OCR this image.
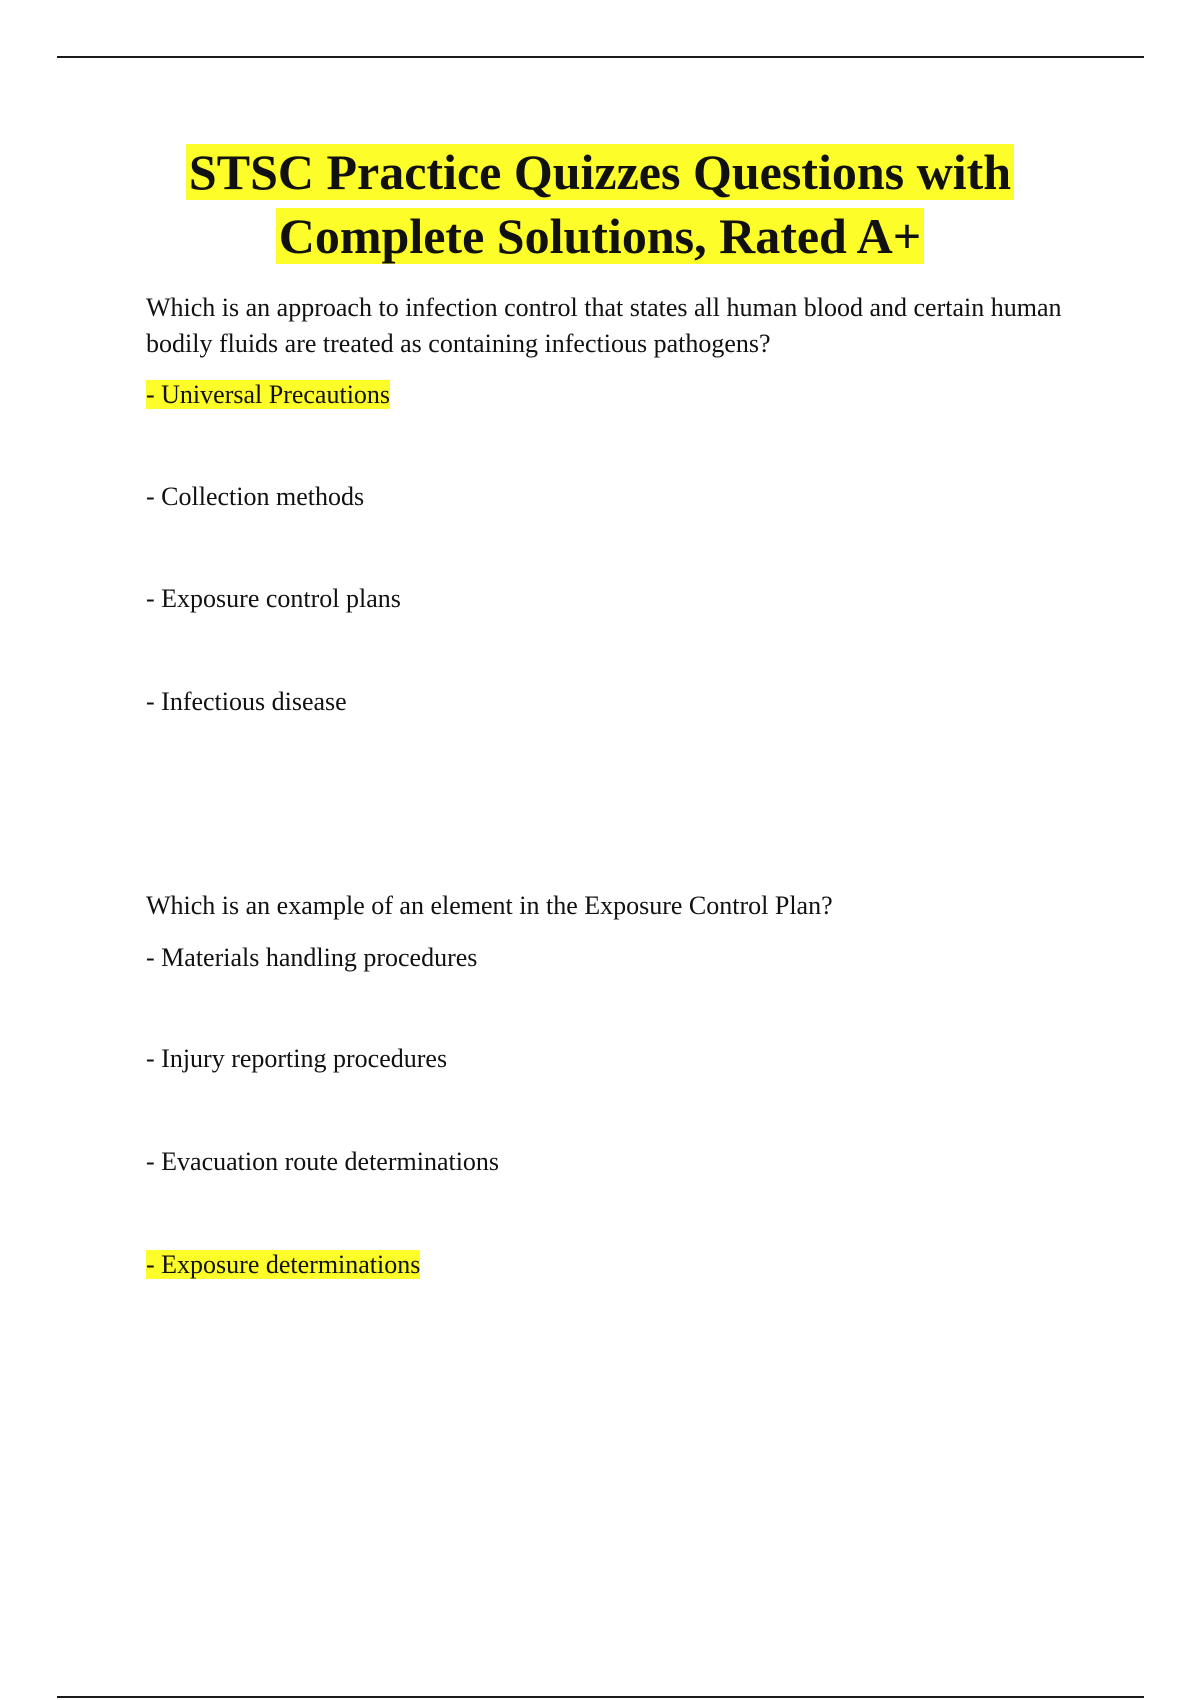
STSC Practice Quizzes Questions with
Complete Solutions, Rated A+

Which is an approach to infection control that states all human blood and certain human bodily fluids are treated as containing infectious pathogens?

- Universal Precautions
- Collection methods
- Exposure control plans
- Infectious disease

Which is an example of an element in the Exposure Control Plan?

- Materials handling procedures
- Injury reporting procedures
- Evacuation route determinations
- Exposure determinations
